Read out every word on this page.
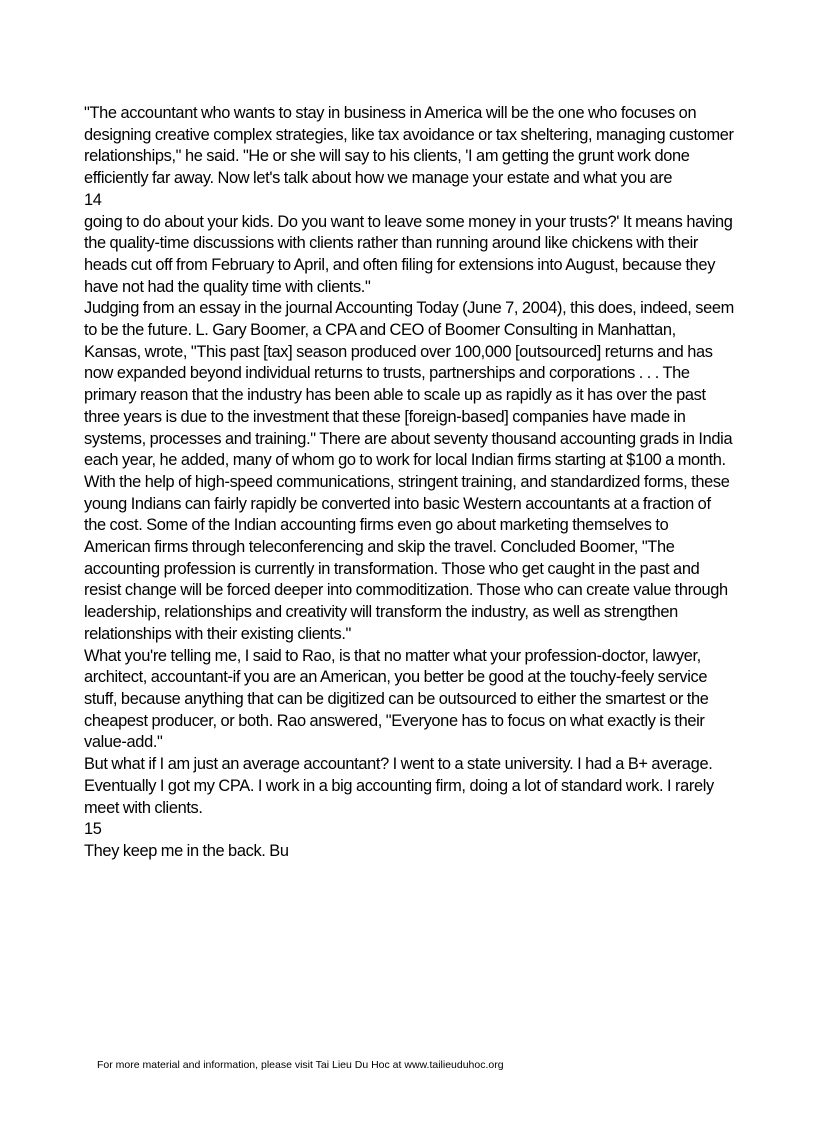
"The accountant who wants to stay in business in America will be the one who focuses on designing creative complex strategies, like tax avoidance or tax sheltering, managing customer relationships," he said. "He or she will say to his clients, 'I am getting the grunt work done efficiently far away. Now let's talk about how we manage your estate and what you are

14

going to do about your kids. Do you want to leave some money in your trusts?' It means having the quality-time discussions with clients rather than running around like chickens with their heads cut off from February to April, and often filing for extensions into August, because they have not had the quality time with clients."

Judging from an essay in the journal Accounting Today (June 7, 2004), this does, indeed, seem to be the future. L. Gary Boomer, a CPA and CEO of Boomer Consulting in Manhattan, Kansas, wrote, "This past [tax] season produced over 100,000 [outsourced] returns and has now expanded beyond individual returns to trusts, partnerships and corporations . . . The primary reason that the industry has been able to scale up as rapidly as it has over the past three years is due to the investment that these [foreign-based] companies have made in systems, processes and training." There are about seventy thousand accounting grads in India each year, he added, many of whom go to work for local Indian firms starting at $100 a month. With the help of high-speed communications, stringent training, and standardized forms, these young Indians can fairly rapidly be converted into basic Western accountants at a fraction of the cost. Some of the Indian accounting firms even go about marketing themselves to American firms through teleconferencing and skip the travel. Concluded Boomer, "The accounting profession is currently in transformation. Those who get caught in the past and resist change will be forced deeper into commoditization. Those who can create value through leadership, relationships and creativity will transform the industry, as well as strengthen relationships with their existing clients."

What you're telling me, I said to Rao, is that no matter what your profession-doctor, lawyer, architect, accountant-if you are an American, you better be good at the touchy-feely service stuff, because anything that can be digitized can be outsourced to either the smartest or the cheapest producer, or both. Rao answered, "Everyone has to focus on what exactly is their value-add."

But what if I am just an average accountant? I went to a state university. I had a B+ average. Eventually I got my CPA. I work in a big accounting firm, doing a lot of standard work. I rarely meet with clients.

15

They keep me in the back. Bu

For more material and information, please visit Tai Lieu Du Hoc at www.tailieuduhoc.org
